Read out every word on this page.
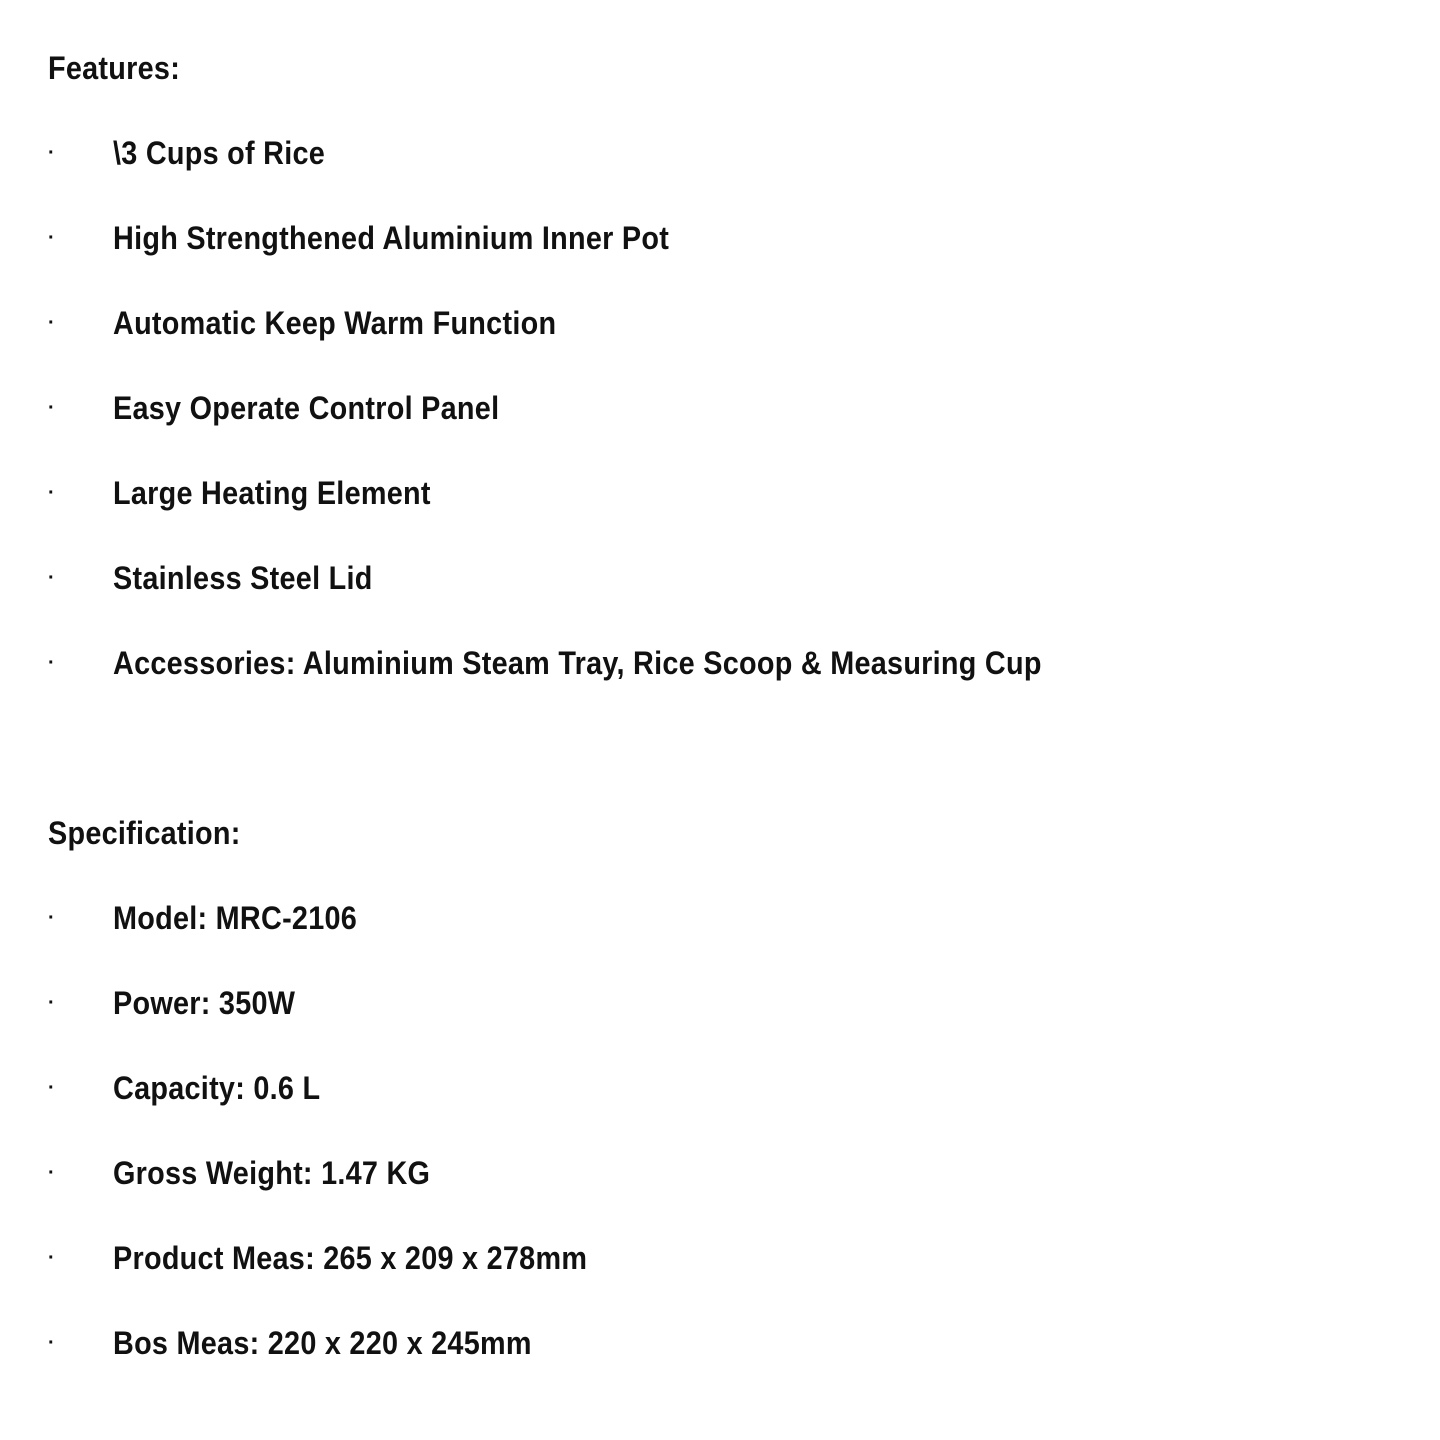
Features:
·	\3 Cups of Rice
·	High Strengthened Aluminium Inner Pot
·	Automatic Keep Warm Function
·	Easy Operate Control Panel
·	Large Heating Element
·	Stainless Steel Lid
·	Accessories: Aluminium Steam Tray, Rice Scoop & Measuring Cup
Specification:
·	Model: MRC-2106
·	Power: 350W
·	Capacity: 0.6 L
·	Gross Weight: 1.47 KG
·	Product Meas: 265 x 209 x 278mm
·	Bos Meas: 220 x 220 x 245mm
